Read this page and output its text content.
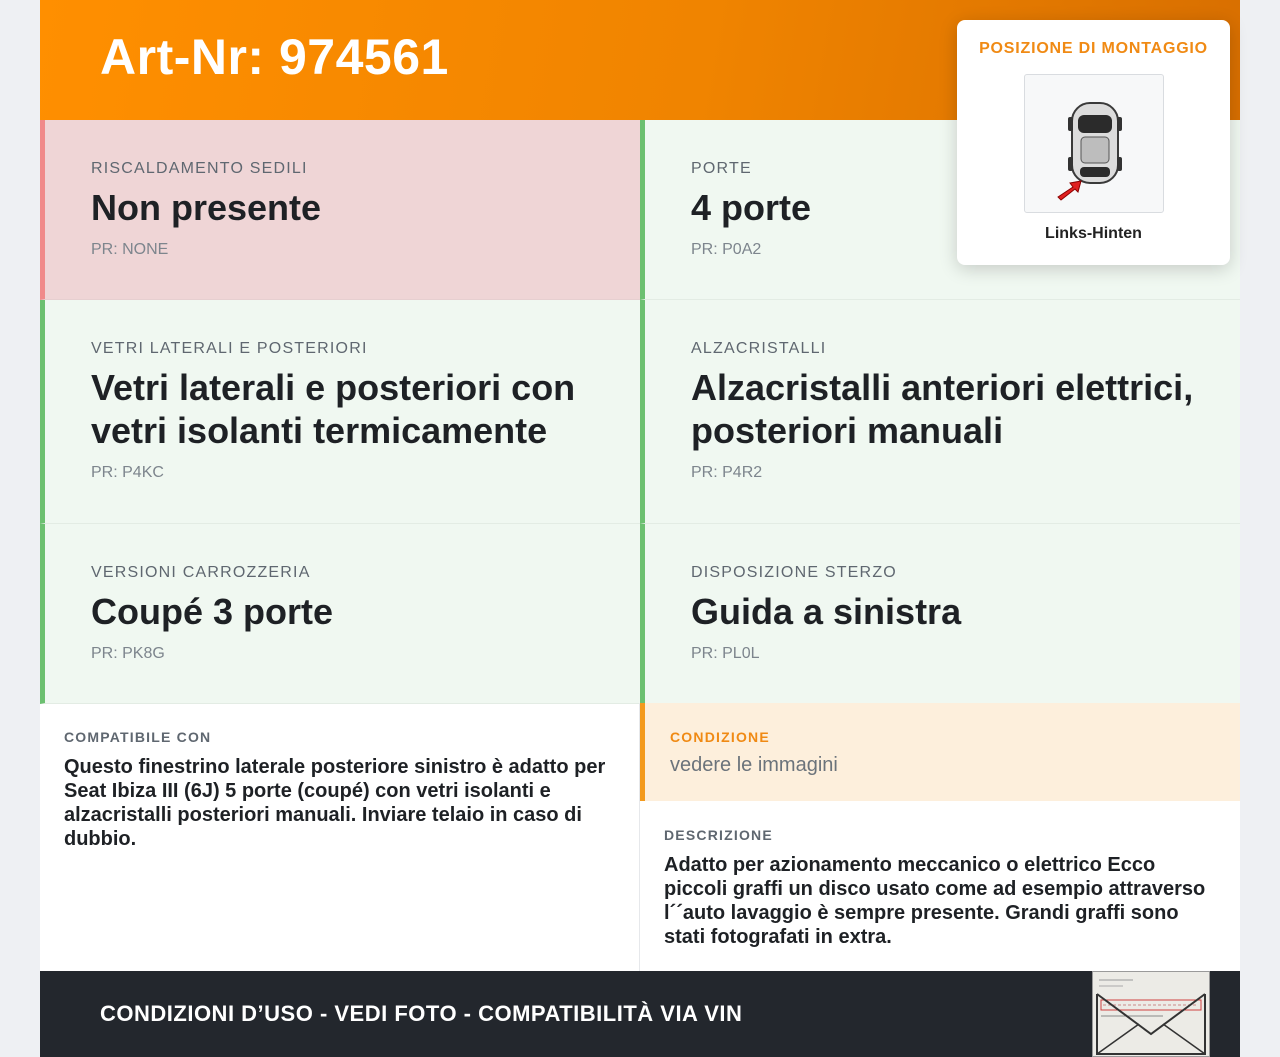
Art-Nr: 974561
RISCALDAMENTO SEDILI
Non presente
PR: NONE
PORTE
4 porte
PR: P0A2
VETRI LATERALI E POSTERIORI
Vetri laterali e posteriori con vetri isolanti termicamente
PR: P4KC
ALZACRISTALLI
Alzacristalli anteriori elettrici, posteriori manuali
PR: P4R2
VERSIONI CARROZZERIA
Coupé 3 porte
PR: PK8G
DISPOSIZIONE STERZO
Guida a sinistra
PR: PL0L
POSIZIONE DI MONTAGGIO
Links-Hinten
COMPATIBILE CON
Questo finestrino laterale posteriore sinistro è adatto per Seat Ibiza III (6J) 5 porte (coupé) con vetri isolanti e alzacristalli posteriori manuali. Inviare telaio in caso di dubbio.
CONDIZIONE
vedere le immagini
DESCRIZIONE
Adatto per azionamento meccanico o elettrico Ecco piccoli graffi un disco usato come ad esempio attraverso l´´auto lavaggio è sempre presente. Grandi graffi sono stati fotografati in extra.
CONDIZIONI D’USO - VEDI FOTO - COMPATIBILITÀ VIA VIN
